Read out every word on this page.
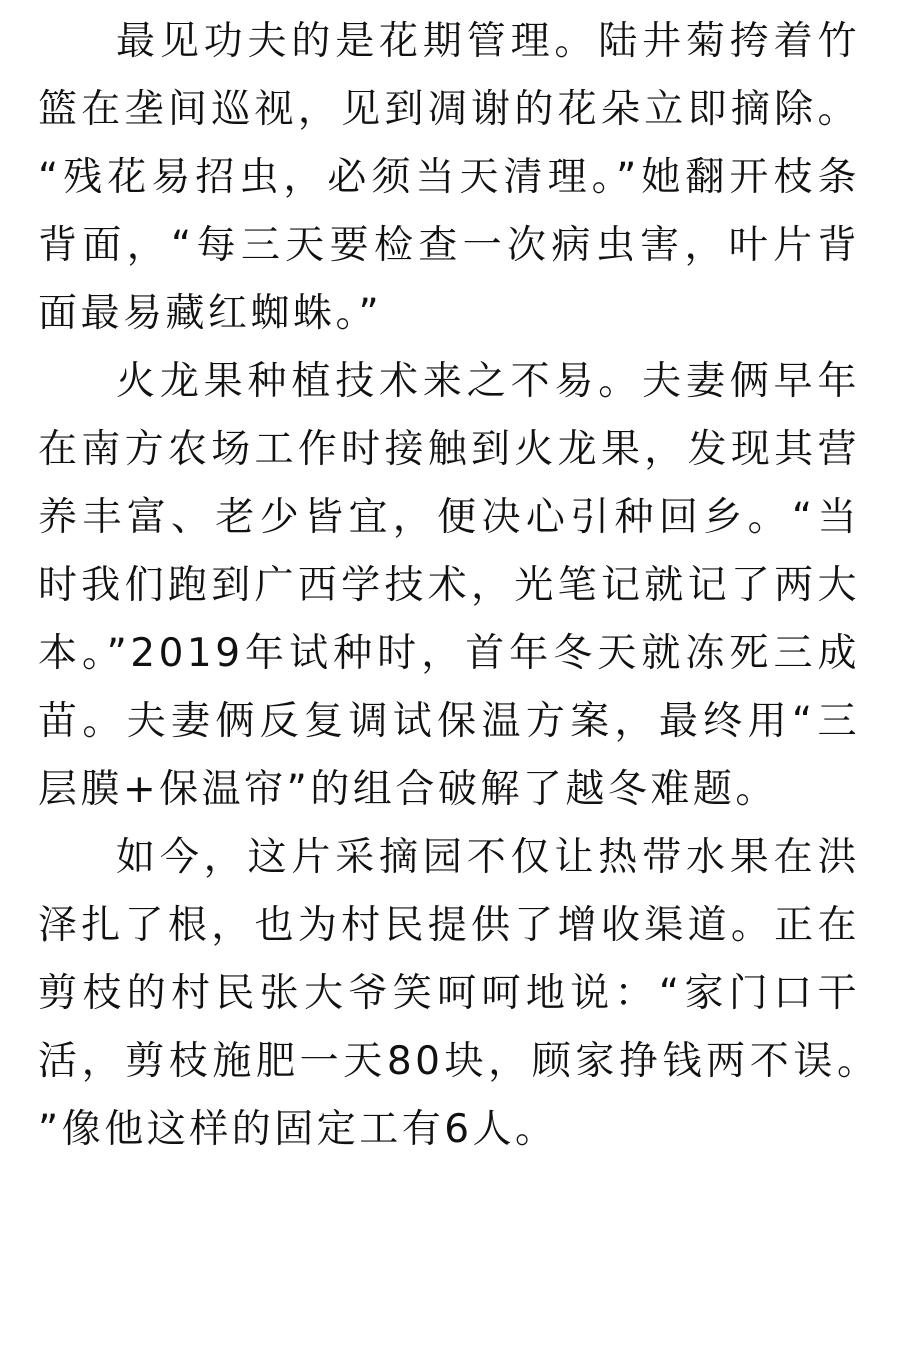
最见功夫的是花期管理。陆井菊挎着竹篮在垄间巡视，见到凋谢的花朵立即摘除。“残花易招虫，必须当天清理。”她翻开枝条背面，“每三天要检查一次病虫害，叶片背面最易藏红蜘蛛。”

火龙果种植技术来之不易。夫妻俩早年在南方农场工作时接触到火龙果，发现其营养丰富、老少皆宜，便决心引种回乡。“当时我们跑到广西学技术，光笔记就记了两大本。”2019年试种时，首年冬天就冻死三成苗。夫妻俩反复调试保温方案，最终用“三层膜+保温帘”的组合破解了越冬难题。

如今，这片采摘园不仅让热带水果在洪泽扎了根，也为村民提供了增收渠道。正在剪枝的村民张大爷笑呵呵地说：“家门口干活，剪枝施肥一天80块，顾家挣钱两不误。”像他这样的固定工有6人。
